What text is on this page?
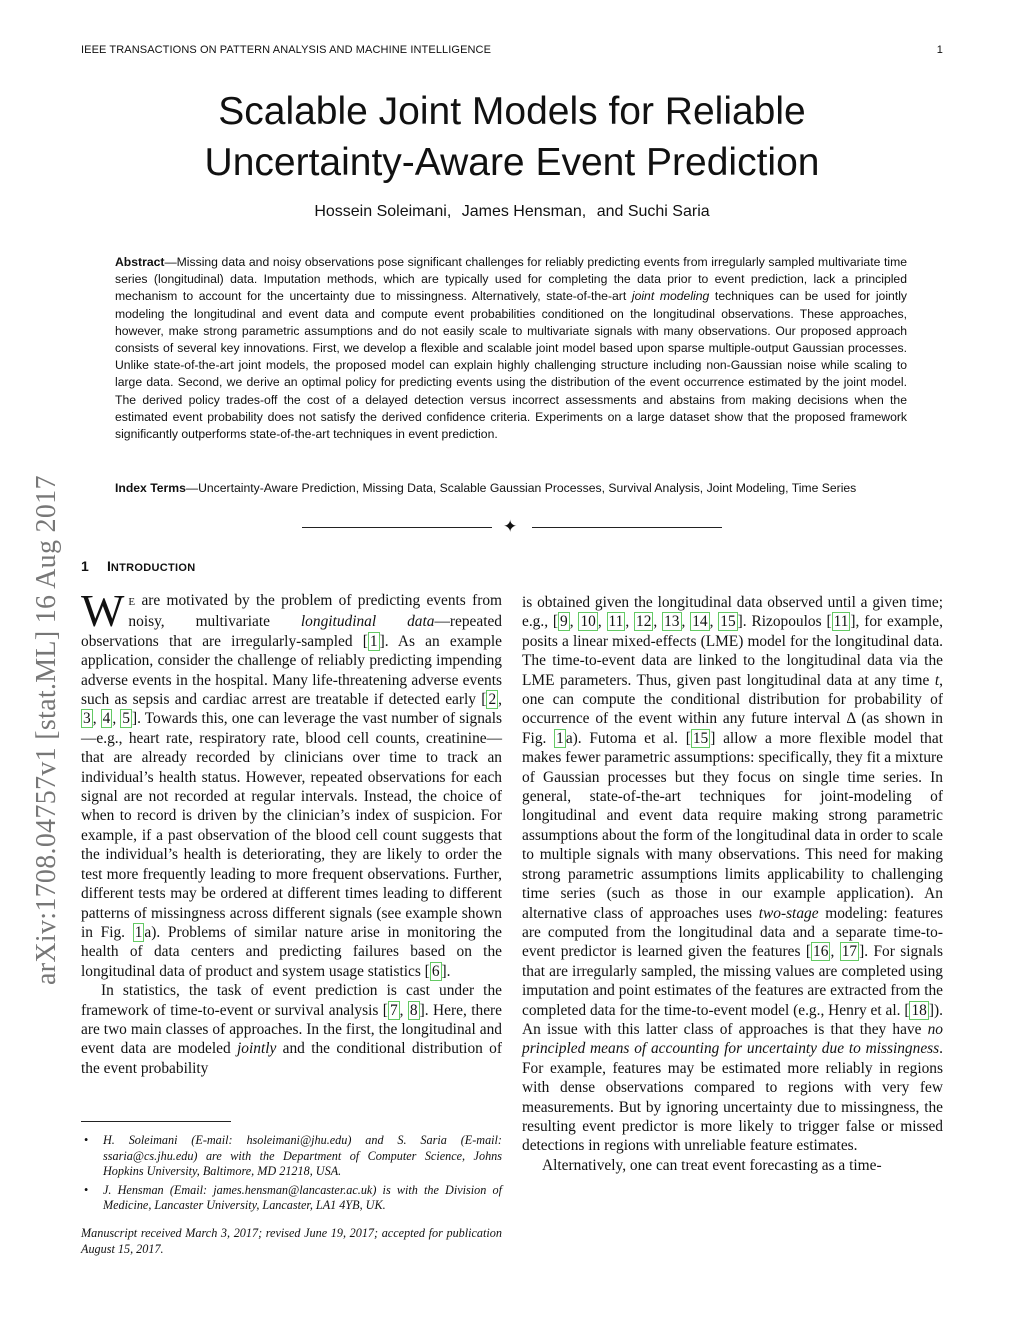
IEEE TRANSACTIONS ON PATTERN ANALYSIS AND MACHINE INTELLIGENCE	1
Scalable Joint Models for Reliable
Uncertainty-Aware Event Prediction
Hossein Soleimani, James Hensman, and Suchi Saria
Abstract—Missing data and noisy observations pose significant challenges for reliably predicting events from irregularly sampled multivariate time series (longitudinal) data. Imputation methods, which are typically used for completing the data prior to event prediction, lack a principled mechanism to account for the uncertainty due to missingness. Alternatively, state-of-the-art joint modeling techniques can be used for jointly modeling the longitudinal and event data and compute event probabilities conditioned on the longitudinal observations. These approaches, however, make strong parametric assumptions and do not easily scale to multivariate signals with many observations. Our proposed approach consists of several key innovations. First, we develop a flexible and scalable joint model based upon sparse multiple-output Gaussian processes. Unlike state-of-the-art joint models, the proposed model can explain highly challenging structure including non-Gaussian noise while scaling to large data. Second, we derive an optimal policy for predicting events using the distribution of the event occurrence estimated by the joint model. The derived policy trades-off the cost of a delayed detection versus incorrect assessments and abstains from making decisions when the estimated event probability does not satisfy the derived confidence criteria. Experiments on a large dataset show that the proposed framework significantly outperforms state-of-the-art techniques in event prediction.
Index Terms—Uncertainty-Aware Prediction, Missing Data, Scalable Gaussian Processes, Survival Analysis, Joint Modeling, Time Series
✦
1 INTRODUCTION

W E are motivated by the problem of predicting events from noisy, multivariate longitudinal data—repeated observations that are irregularly-sampled [ 1 ]. As an example application, consider the challenge of reliably predicting impending adverse events in the hospital. Many life-threatening adverse events such as sepsis and cardiac arrest are treatable if detected early [ 2 , 3 , 4 , 5 ]. Towards this, one can leverage the vast number of signals—e.g., heart rate, respiratory rate, blood cell counts, creatinine—that are already recorded by clinicians over time to track an individual’s health status. However, repeated observations for each signal are not recorded at regular intervals. Instead, the choice of when to record is driven by the clinician’s index of suspicion. For example, if a past observation of the blood cell count suggests that the individual’s health is deteriorating, they are likely to order the test more frequently leading to more frequent observations. Further, different tests may be ordered at different times leading to different patterns of missingness across different signals (see example shown in Fig. 1 a). Problems of similar nature arise in monitoring the health of data centers and predicting failures based on the longitudinal data of product and system usage statistics [ 6 ].

In statistics, the task of event prediction is cast under the framework of time-to-event or survival analysis [ 7 , 8 ]. Here, there are two main classes of approaches. In the first, the longitudinal and event data are modeled jointly and the conditional distribution of the event probability

• H. Soleimani (E-mail: hsoleimani@jhu.edu) and S. Saria (E-mail: ssaria@cs.jhu.edu) are with the Department of Computer Science, Johns Hopkins University, Baltimore, MD 21218, USA.
• J. Hensman (Email: james.hensman@lancaster.ac.uk) is with the Division of Medicine, Lancaster University, Lancaster, LA1 4YB, UK.
Manuscript received March 3, 2017; revised June 19, 2017; accepted for publication August 15, 2017.

is obtained given the longitudinal data observed until a given time; e.g., [ 9 , 10 , 11 , 12 , 13 , 14 , 15 ]. Rizopoulos [ 11 ], for example, posits a linear mixed-effects (LME) model for the longitudinal data. The time-to-event data are linked to the longitudinal data via the LME parameters. Thus, given past longitudinal data at any time t, one can compute the conditional distribution for probability of occurrence of the event within any future interval Δ (as shown in Fig. 1 a). Futoma et al. [ 15 ] allow a more flexible model that makes fewer parametric assumptions: specifically, they fit a mixture of Gaussian processes but they focus on single time series. In general, state-of-the-art techniques for joint-modeling of longitudinal and event data require making strong parametric assumptions about the form of the longitudinal data in order to scale to multiple signals with many observations. This need for making strong parametric assumptions limits applicability to challenging time series (such as those in our example application). An alternative class of approaches uses two-stage modeling: features are computed from the longitudinal data and a separate time-to-event predictor is learned given the features [ 16 , 17 ]. For signals that are irregularly sampled, the missing values are completed using imputation and point estimates of the features are extracted from the completed data for the time-to-event model (e.g., Henry et al. [ 18 ]). An issue with this latter class of approaches is that they have no principled means of accounting for uncertainty due to missingness. For example, features may be estimated more reliably in regions with dense observations compared to regions with very few measurements. But by ignoring uncertainty due to missingness, the resulting event predictor is more likely to trigger false or missed detections in regions with unreliable feature estimates.

Alternatively, one can treat event forecasting as a time-

arXiv:1708.04757v1 [stat.ML] 16 Aug 2017
